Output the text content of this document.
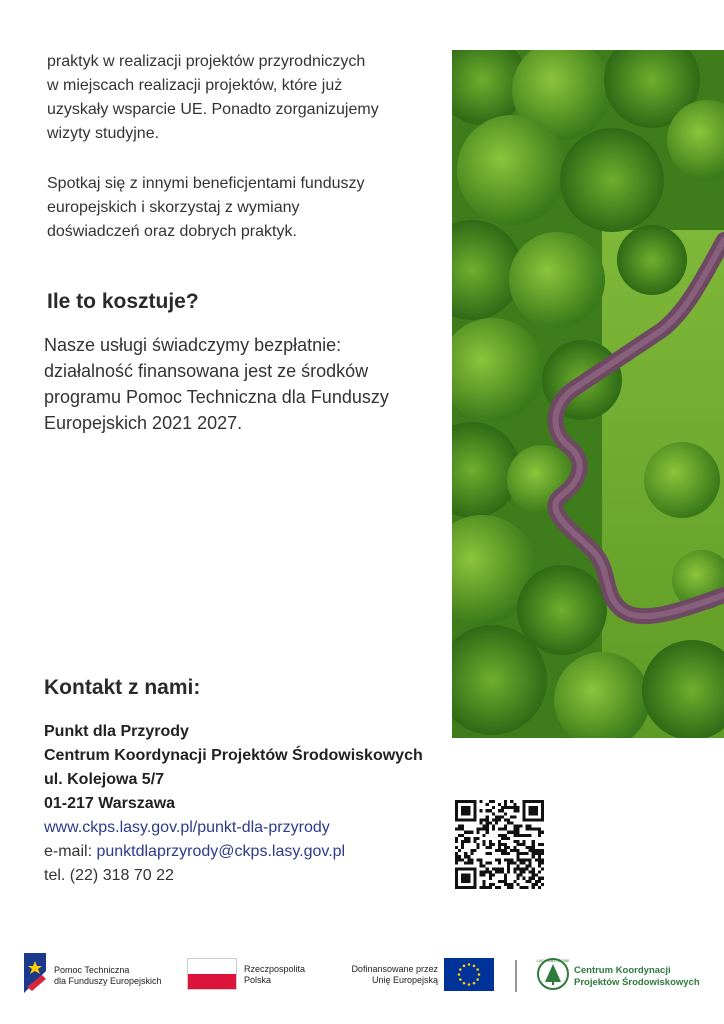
praktyk w realizacji projektów przyrodniczych
w miejscach realizacji projektów, które już
uzyskały wsparcie UE. Ponadto zorganizujemy
wizyty studyjne.
Spotkaj się z innymi beneficjentami funduszy
europejskich i skorzystaj z wymiany
doświadczeń oraz dobrych praktyk.
Ile to kosztuje?
Nasze usługi świadczymy bezpłatnie:
działalność finansowana jest ze środków
programu Pomoc Techniczna dla Funduszy
Europejskich 2021 2027.
Kontakt z nami:
Punkt dla Przyrody
Centrum Koordynacji Projektów Środowiskowych
ul. Kolejowa 5/7
01-217 Warszawa
www.ckps.lasy.gov.pl/punkt-dla-przyrody
e-mail: punktdlaprzyrody@ckps.lasy.gov.pl
tel. (22) 318 70 22
Pomoc Techniczna
dla Funduszy Europejskich
Rzeczpospolita
Polska
Dofinansowane przez
Unię Europejską
LASY PAŃSTWOWE
Centrum Koordynacji
Projektów Środowiskowych
